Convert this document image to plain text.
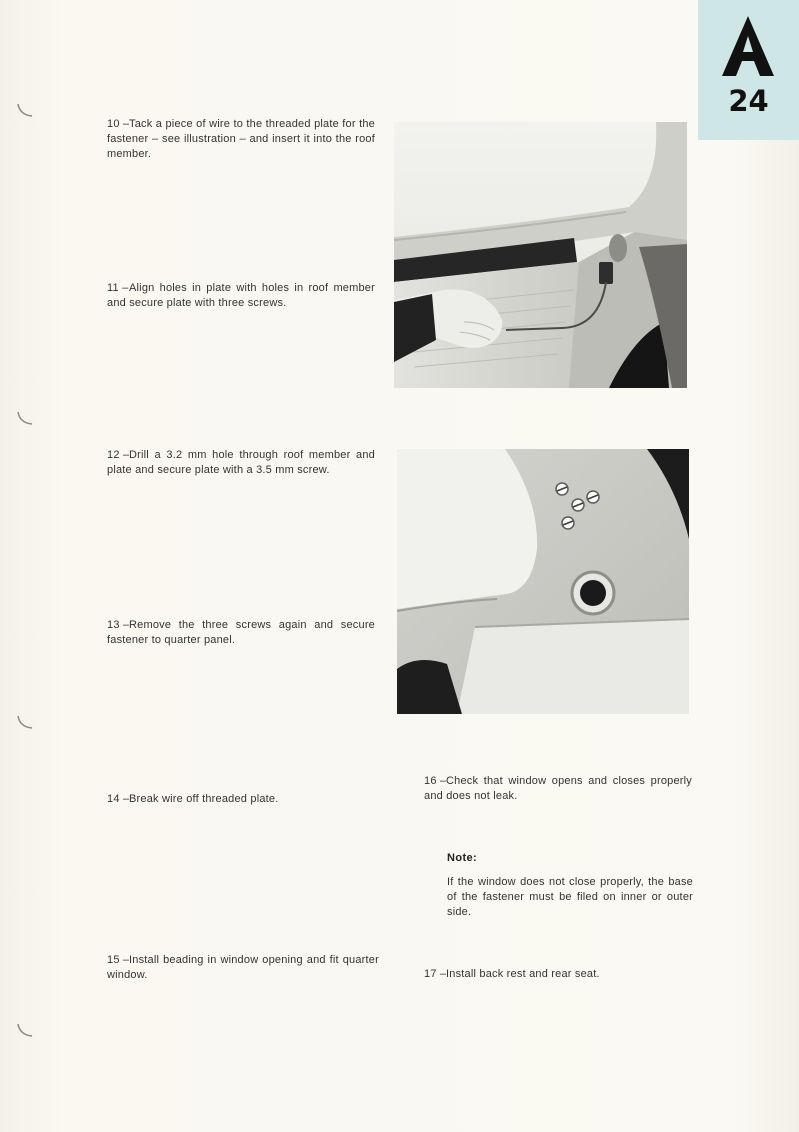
24
10 – Tack a piece of wire to the threaded plate for the fastener – see illustration – and insert it into the roof member.
11 – Align holes in plate with holes in roof member and secure plate with three screws.
12 – Drill a 3.2 mm hole through roof member and plate and secure plate with a 3.5 mm screw.
13 – Remove the three screws again and secure fastener to quarter panel.
14 – Break wire off threaded plate.
15 – Install beading in window opening and fit quarter window.
16 – Check that window opens and closes properly and does not leak.
Note:
If the window does not close properly, the base of the fastener must be filed on inner or outer side.
17 – Install back rest and rear seat.
